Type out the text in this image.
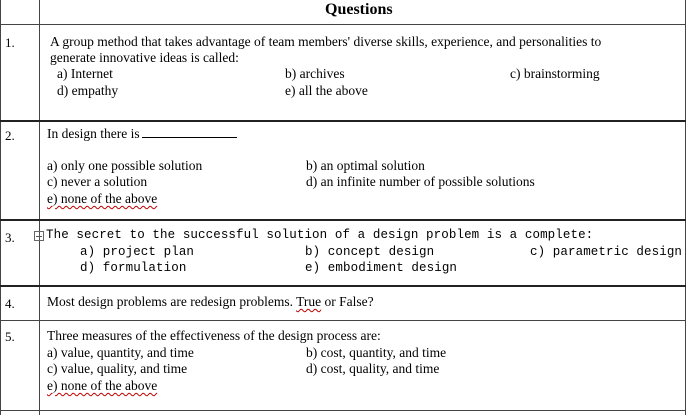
Questions
1.	A group method that takes advantage of team members' diverse skills, experience, and personalities to
generate innovative ideas is called:
a) Internet	b) archives	c) brainstorming
d) empathy	e) all the above
2. In design there is
a) only one possible solution	b) an optimal solution
c) never a solution	d) an infinite number of possible solutions
e) none of the above
3.	The secret to the successful solution of a design problem is a complete:
a) project plan	b) concept design	c) parametric design
d) formulation	e) embodiment design
4. Most design problems are redesign problems. True or False?
5. Three measures of the effectiveness of the design process are:
a) value, quantity, and time	b) cost, quantity, and time
c) value, quality, and time	d) cost, quality, and time
e) none of the above
